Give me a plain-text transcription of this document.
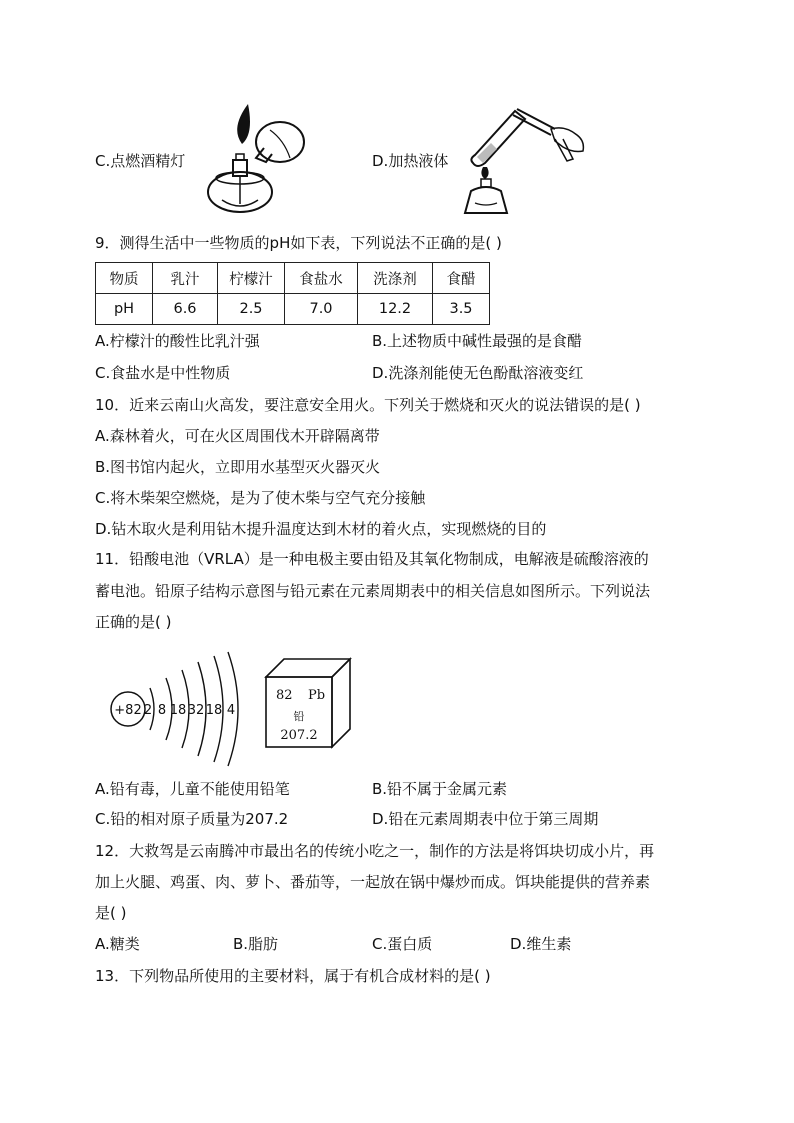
C.点燃酒精灯	D.加热液体
9．测得生活中一些物质的pH如下表，下列说法不正确的是( )
物质	乳汁	柠檬汁	食盐水	洗涤剂	食醋
pH	6.6	2.5	7.0	12.2	3.5
A.柠檬汁的酸性比乳汁强	B.上述物质中碱性最强的是食醋
C.食盐水是中性物质	D.洗涤剂能使无色酚酞溶液变红
10．近来云南山火高发，要注意安全用火。下列关于燃烧和灭火的说法错误的是( )
A.森林着火，可在火区周围伐木开辟隔离带
B.图书馆内起火，立即用水基型灭火器灭火
C.将木柴架空燃烧，是为了使木柴与空气充分接触
D.钻木取火是利用钻木提升温度达到木材的着火点，实现燃烧的目的
11．铅酸电池（VRLA）是一种电极主要由铅及其氧化物制成，电解液是硫酸溶液的
蓄电池。铅原子结构示意图与铅元素在元素周期表中的相关信息如图所示。下列说法
正确的是( )
+82 2 8 18 32 18 4
82 Pb
铅
207.2
A.铅有毒，儿童不能使用铅笔	B.铅不属于金属元素
C.铅的相对原子质量为207.2	D.铅在元素周期表中位于第三周期
12．大救驾是云南腾冲市最出名的传统小吃之一，制作的方法是将饵块切成小片，再
加上火腿、鸡蛋、肉、萝卜、番茄等，一起放在锅中爆炒而成。饵块能提供的营养素
是( )
A.糖类	B.脂肪	C.蛋白质	D.维生素
13．下列物品所使用的主要材料，属于有机合成材料的是( )
